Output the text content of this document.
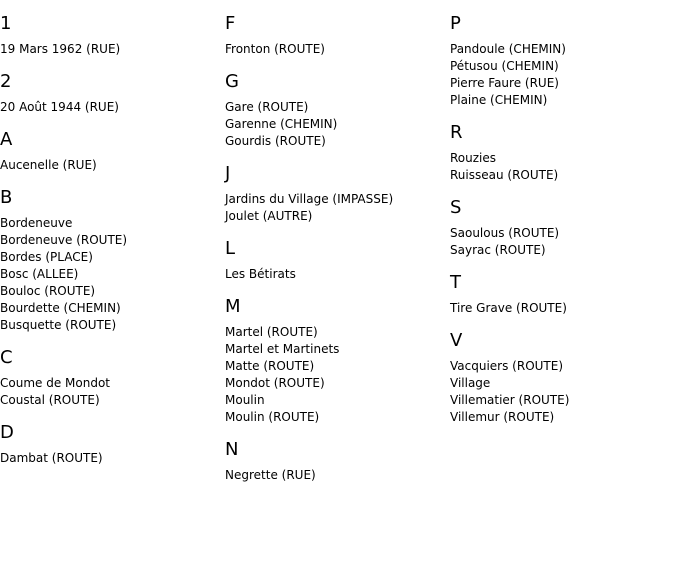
1
19 Mars 1962 (RUE)
2
20 Août 1944 (RUE)
A
Aucenelle (RUE)
B
Bordeneuve
Bordeneuve (ROUTE)
Bordes (PLACE)
Bosc (ALLEE)
Bouloc (ROUTE)
Bourdette (CHEMIN)
Busquette (ROUTE)
C
Coume de Mondot
Coustal (ROUTE)
D
Dambat (ROUTE)
F
Fronton (ROUTE)
G
Gare (ROUTE)
Garenne (CHEMIN)
Gourdis (ROUTE)
J
Jardins du Village (IMPASSE)
Joulet (AUTRE)
L
Les Bétirats
M
Martel (ROUTE)
Martel et Martinets
Matte (ROUTE)
Mondot (ROUTE)
Moulin
Moulin (ROUTE)
N
Negrette (RUE)
P
Pandoule (CHEMIN)
Pétusou (CHEMIN)
Pierre Faure (RUE)
Plaine (CHEMIN)
R
Rouzies
Ruisseau (ROUTE)
S
Saoulous (ROUTE)
Sayrac (ROUTE)
T
Tire Grave (ROUTE)
V
Vacquiers (ROUTE)
Village
Villematier (ROUTE)
Villemur (ROUTE)
